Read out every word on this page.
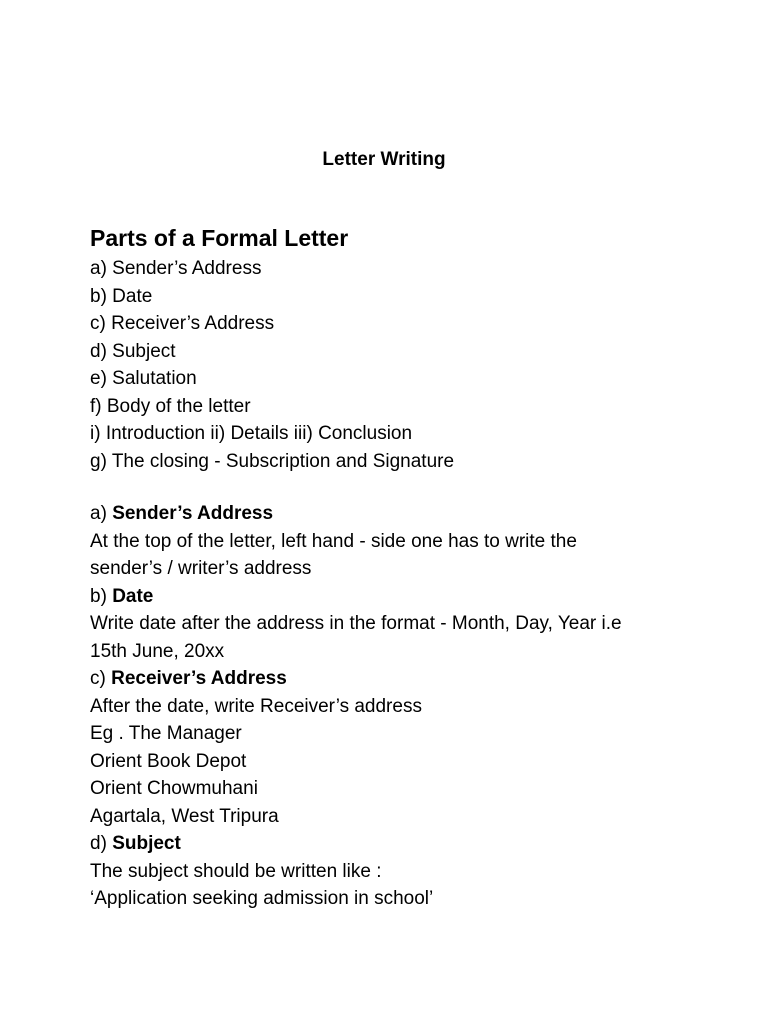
Letter Writing
Parts of a Formal Letter
a) Sender’s Address
b) Date
c) Receiver’s Address
d) Subject
e) Salutation
f) Body of the letter
i) Introduction ii) Details iii) Conclusion
g) The closing - Subscription and Signature
a) Sender’s Address
At the top of the letter, left hand - side one has to write the
sender’s / writer’s address
b) Date
Write date after the address in the format - Month, Day, Year i.e
15th June, 20xx
c) Receiver’s Address
After the date, write Receiver’s address
Eg . The Manager
Orient Book Depot
Orient Chowmuhani
Agartala, West Tripura
d) Subject
The subject should be written like :
‘Application seeking admission in school’
